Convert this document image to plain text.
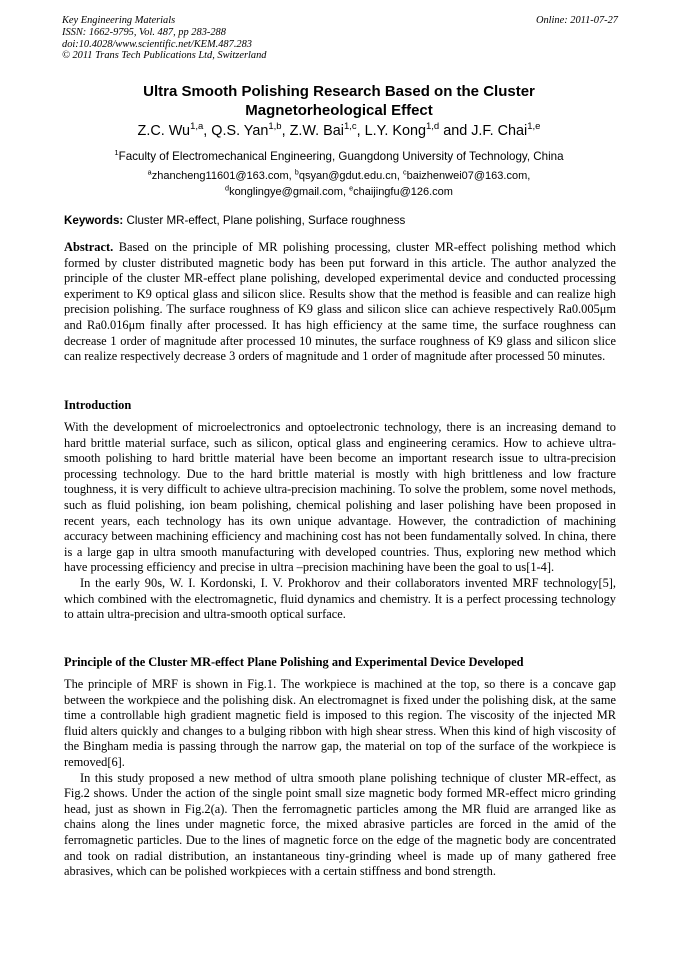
Key Engineering Materials
ISSN: 1662-9795, Vol. 487, pp 283-288
doi:10.4028/www.scientific.net/KEM.487.283
© 2011 Trans Tech Publications Ltd, Switzerland
Online: 2011-07-27
Ultra Smooth Polishing Research Based on the Cluster
Magnetorheological Effect
Z.C. Wu$^{1,a}$, Q.S. Yan$^{1,b}$, Z.W. Bai$^{1,c}$, L.Y. Kong$^{1,d}$ and J.F. Chai$^{1,e}$
$^1$Faculty of Electromechanical Engineering, Guangdong University of Technology, China
$^a$zhancheng11601@163.com, $^b$qsyan@gdut.edu.cn, $^c$baizhenwei07@163.com,
$^d$konglingye@gmail.com, $^e$chaijingfu@126.com
Keywords: Cluster MR-effect, Plane polishing, Surface roughness

Abstract. Based on the principle of MR polishing processing, cluster MR-effect polishing method which formed by cluster distributed magnetic body has been put forward in this article. The author analyzed the principle of the cluster MR-effect plane polishing, developed experimental device and conducted processing experiment to K9 optical glass and silicon slice. Results show that the method is feasible and can realize high precision polishing. The surface roughness of K9 glass and silicon slice can achieve respectively Ra0.005μm and Ra0.016μm finally after processed. It has high efficiency at the same time, the surface roughness can decrease 1 order of magnitude after processed 10 minutes, the surface roughness of K9 glass and silicon slice can realize respectively decrease 3 orders of magnitude and 1 order of magnitude after processed 50 minutes.

Introduction

With the development of microelectronics and optoelectronic technology, there is an increasing demand to hard brittle material surface, such as silicon, optical glass and engineering ceramics. How to achieve ultra-smooth polishing to hard brittle material have been become an important research issue to ultra-precision processing technology. Due to the hard brittle material is mostly with high brittleness and low fracture toughness, it is very difficult to achieve ultra-precision machining. To solve the problem, some novel methods, such as fluid polishing, ion beam polishing, chemical polishing and laser polishing have been proposed in recent years, each technology has its own unique advantage. However, the contradiction of machining accuracy between machining efficiency and machining cost has not been fundamentally solved. In china, there is a large gap in ultra smooth manufacturing with developed countries. Thus, exploring new method which have processing efficiency and precise in ultra –precision machining have been the goal to us[1-4].

In the early 90s, W. I. Kordonski, I. V. Prokhorov and their collaborators invented MRF technology[5], which combined with the electromagnetic, fluid dynamics and chemistry. It is a perfect processing technology to attain ultra-precision and ultra-smooth optical surface.

Principle of the Cluster MR-effect Plane Polishing and Experimental Device Developed

The principle of MRF is shown in Fig.1. The workpiece is machined at the top, so there is a concave gap between the workpiece and the polishing disk. An electromagnet is fixed under the polishing disk, at the same time a controllable high gradient magnetic field is imposed to this region. The viscosity of the injected MR fluid alters quickly and changes to a bulging ribbon with high shear stress. When this kind of high viscosity of the Bingham media is passing through the narrow gap, the material on top of the surface of the workpiece is removed[6].

In this study proposed a new method of ultra smooth plane polishing technique of cluster MR-effect, as Fig.2 shows. Under the action of the single point small size magnetic body formed MR-effect micro grinding head, just as shown in Fig.2(a). Then the ferromagnetic particles among the MR fluid are arranged like as chains along the lines under magnetic force, the mixed abrasive particles are forced in the amid of the ferromagnetic particles. Due to the lines of magnetic force on the edge of the magnetic body are concentrated and took on radial distribution, an instantaneous tiny-grinding wheel is made up of many gathered free abrasives, which can be polished workpieces with a certain stiffness and bond strength.
